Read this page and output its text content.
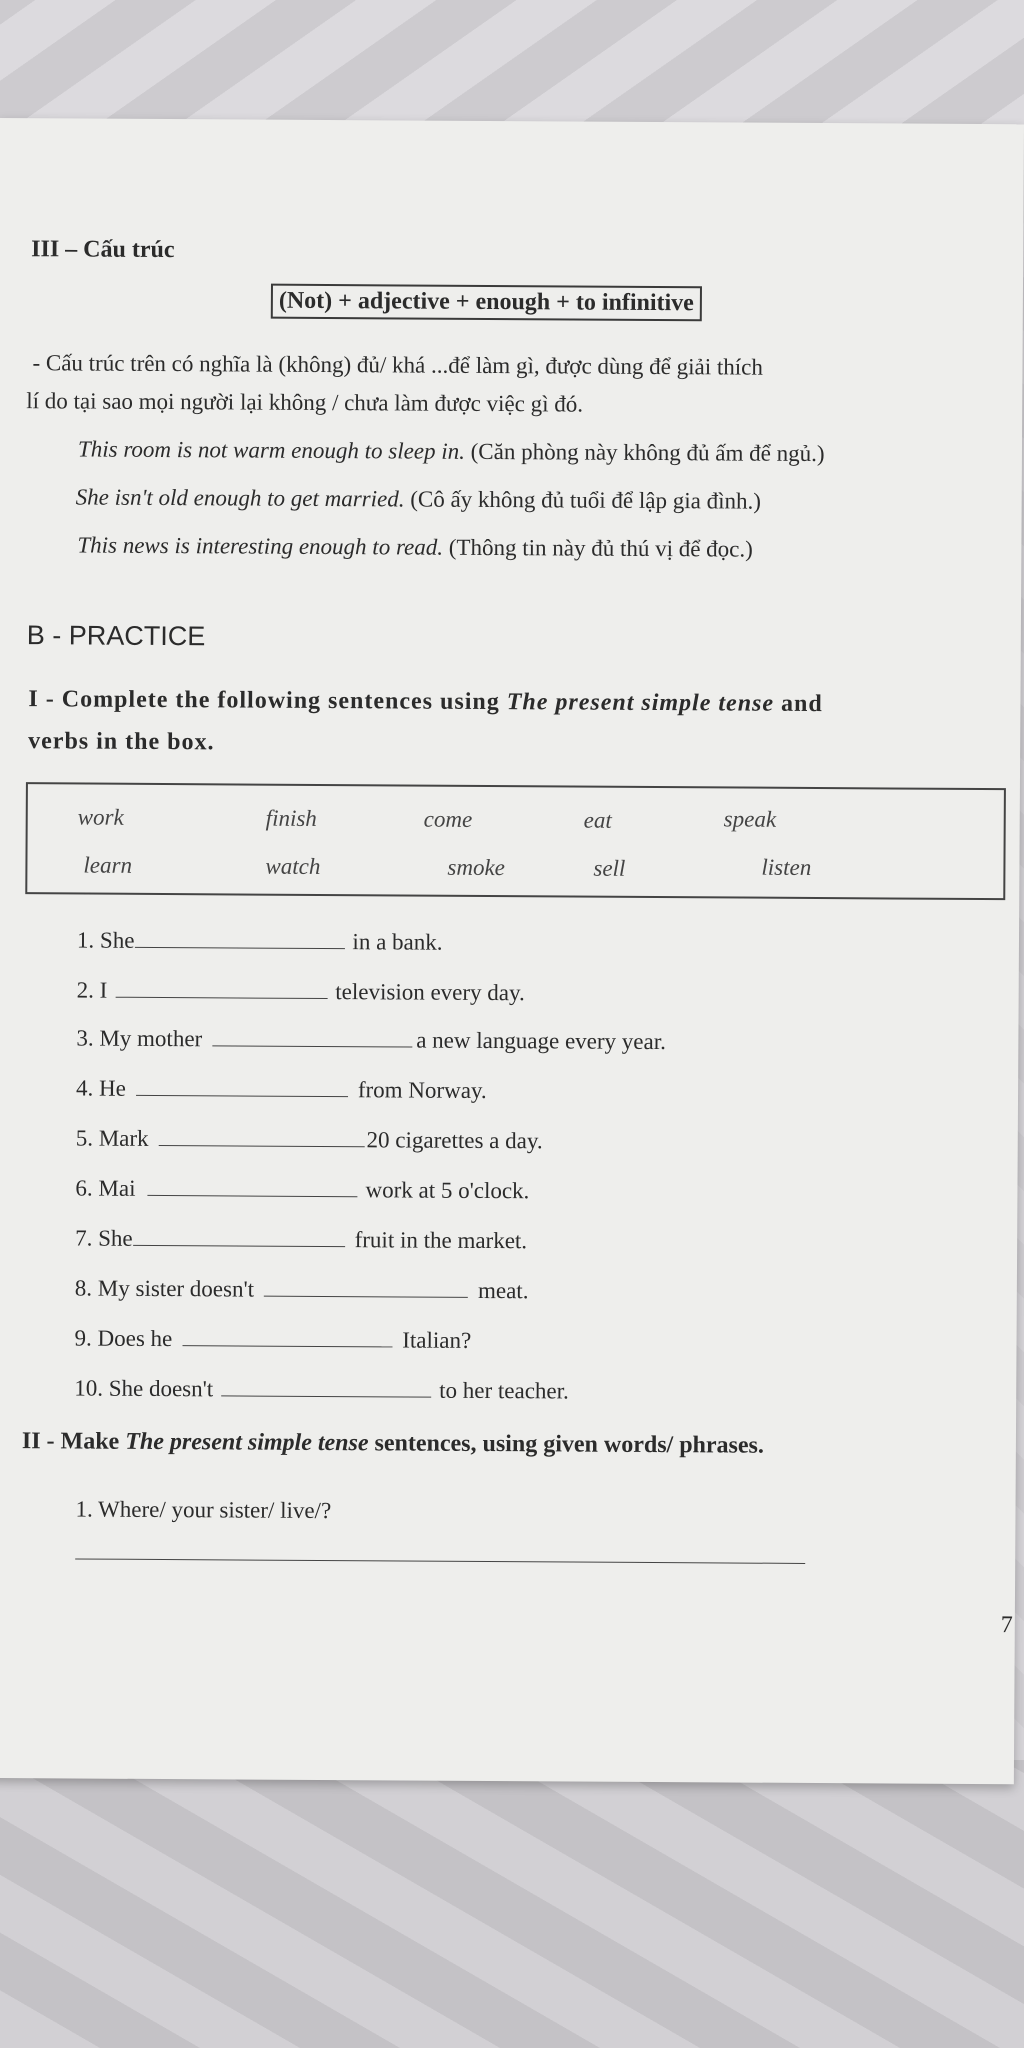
III – Cấu trúc
(Not) + adjective + enough + to infinitive
- Cấu trúc trên có nghĩa là (không) đủ/ khá ...để làm gì, được dùng để giải thích
lí do tại sao mọi người lại không / chưa làm được việc gì đó.
This room is not warm enough to sleep in. (Căn phòng này không đủ ấm để ngủ.)
She isn't old enough to get married. (Cô ấy không đủ tuổi để lập gia đình.)
This news is interesting enough to read. (Thông tin này đủ thú vị để đọc.)
B - PRACTICE
I - Complete the following sentences using The present simple tense and
verbs in the box.
work	finish	come	eat	speak
learn	watch	smoke	sell	listen
1. She	in a bank.
2. I	television every day.
3. My mother	a new language every year.
4. He	from Norway.
5. Mark	20 cigarettes a day.
6. Mai	work at 5 o'clock.
7. She	fruit in the market.
8. My sister doesn't	meat.
9. Does he	Italian?
10. She doesn't	to her teacher.
II - Make The present simple tense sentences, using given words/ phrases.
1. Where/ your sister/ live/?
7
